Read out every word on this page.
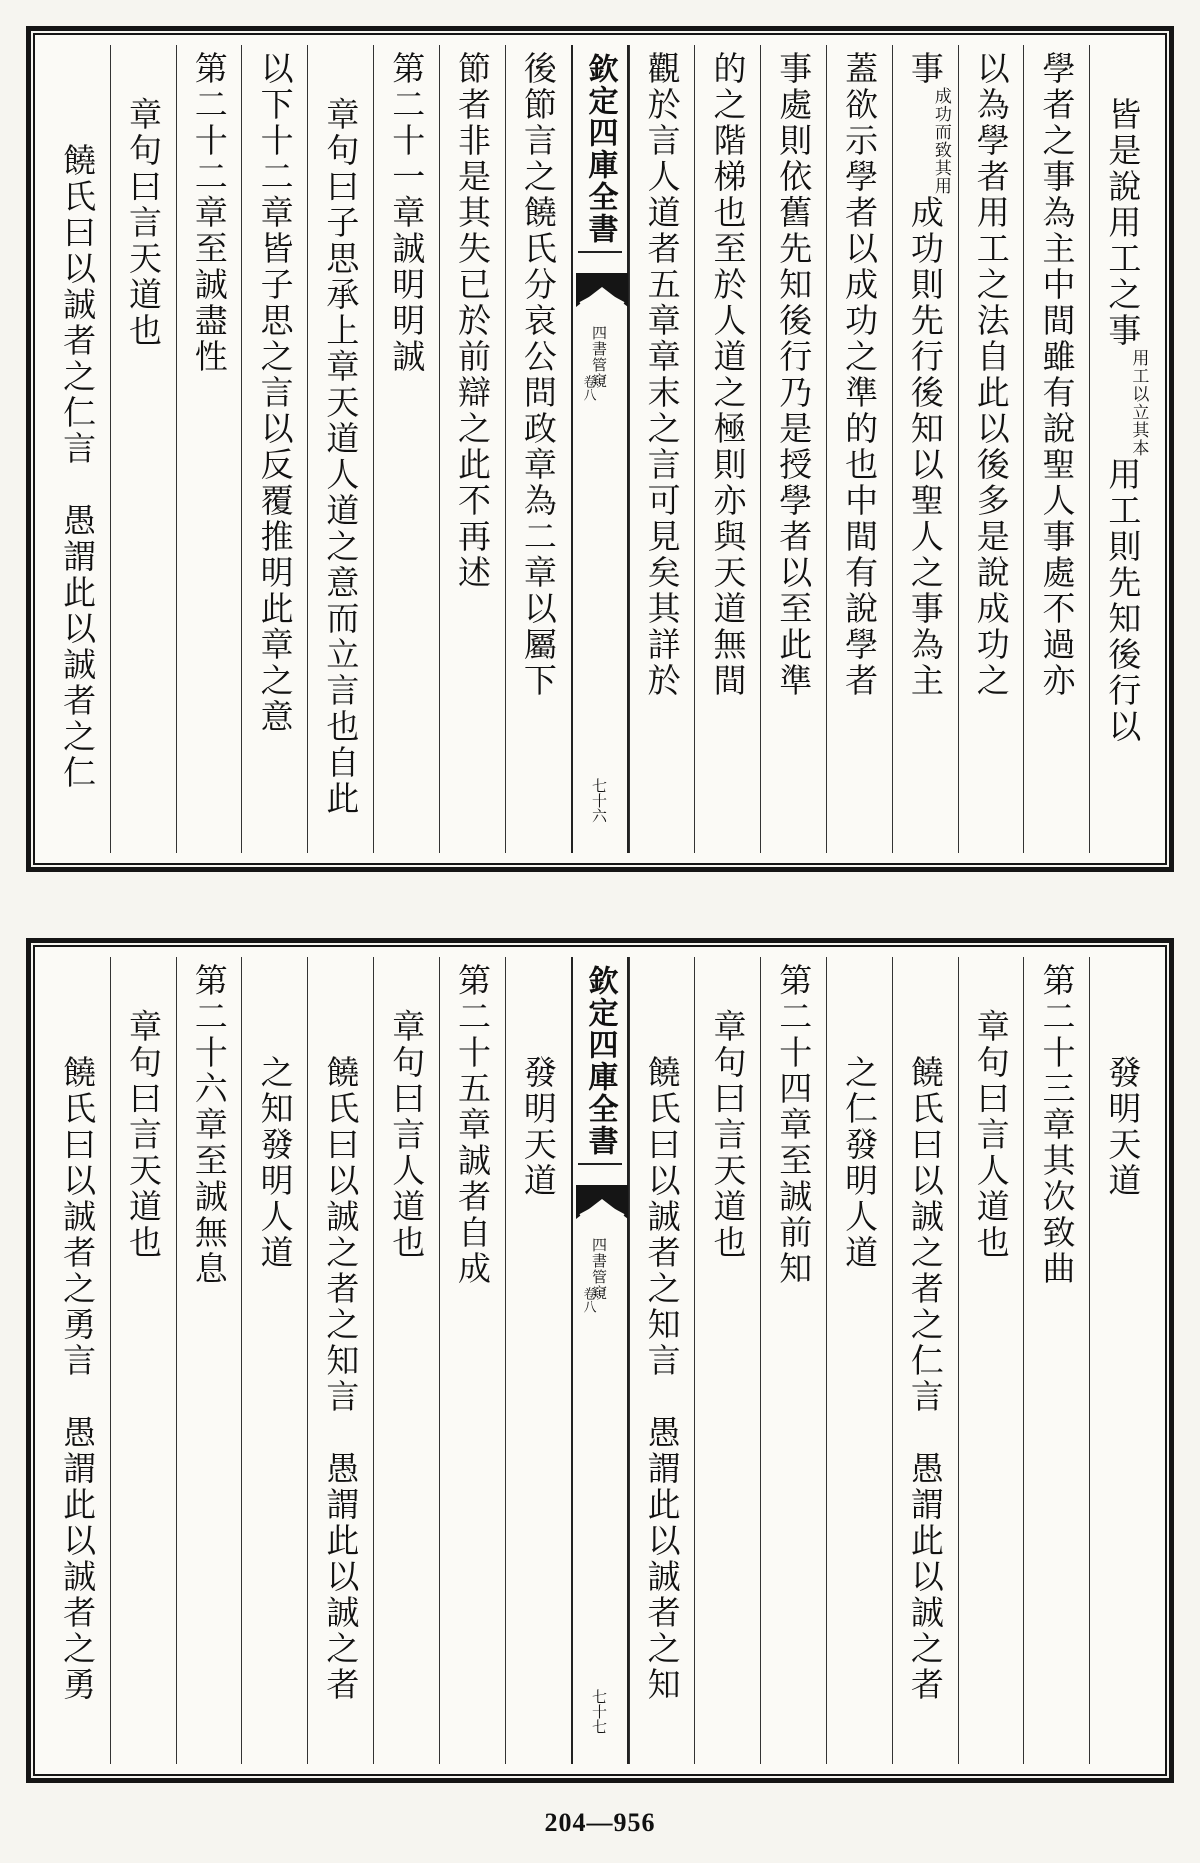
皆是說用工之事用工以立其本用工則先知後行以
學者之事為主中間雖有說聖人事處不過亦
以為學者用工之法自此以後多是說成功之
事成功而致其用成功則先行後知以聖人之事為主
蓋欲示學者以成功之準的也中間有說學者
事處則依舊先知後行乃是授學者以至此準
的之階梯也至於人道之極則亦與天道無間
觀於言人道者五章章末之言可見矣其詳於
欽定四庫全書
四書管窺
卷八
七十六
後節言之饒氏分哀公問政章為二章以屬下
節者非是其失已於前辯之此不再述
第二十一章誠明明誠
章句曰子思承上章天道人道之意而立言也自此
以下十二章皆子思之言以反覆推明此章之意
第二十二章至誠盡性
章句曰言天道也
饒氏曰以誠者之仁言　愚謂此以誠者之仁
發明天道
第二十三章其次致曲
章句曰言人道也
饒氏曰以誠之者之仁言　愚謂此以誠之者
之仁發明人道
第二十四章至誠前知
章句曰言天道也
饒氏曰以誠者之知言　愚謂此以誠者之知
欽定四庫全書
四書管窺
卷八
七十七
發明天道
第二十五章誠者自成
章句曰言人道也
饒氏曰以誠之者之知言　愚謂此以誠之者
之知發明人道
第二十六章至誠無息
章句曰言天道也
饒氏曰以誠者之勇言　愚謂此以誠者之勇
204—956
